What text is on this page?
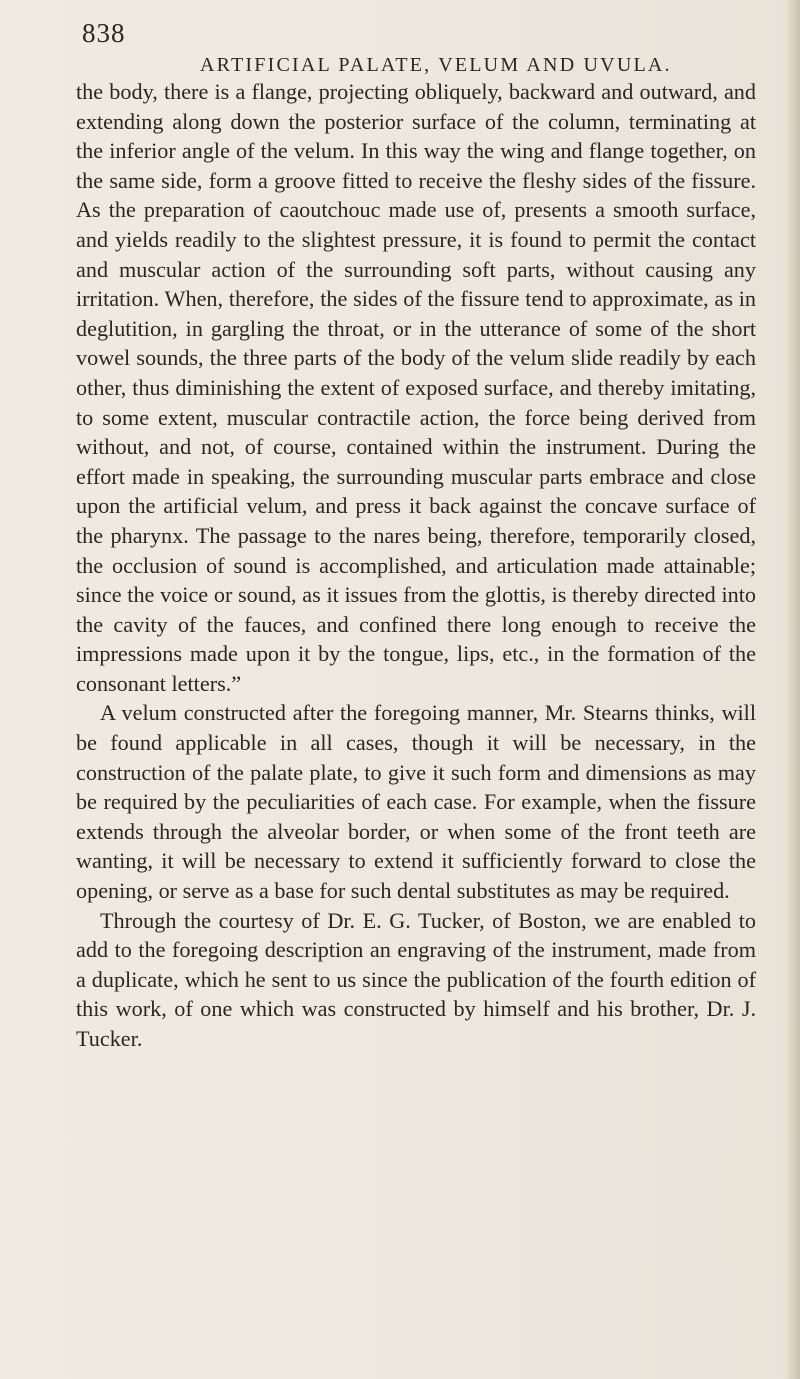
838
ARTIFICIAL PALATE, VELUM AND UVULA.

the body, there is a flange, projecting obliquely, backward and outward, and extending along down the posterior surface of the column, terminating at the inferior angle of the velum. In this way the wing and flange together, on the same side, form a groove fitted to receive the fleshy sides of the fissure. As the preparation of caoutchouc made use of, presents a smooth surface, and yields readily to the slightest pressure, it is found to permit the contact and muscular action of the surrounding soft parts, without causing any irritation. When, therefore, the sides of the fissure tend to approximate, as in deglutition, in gargling the throat, or in the utterance of some of the short vowel sounds, the three parts of the body of the velum slide readily by each other, thus diminishing the extent of exposed surface, and thereby imitating, to some extent, muscular contractile action, the force being derived from without, and not, of course, contained within the instrument. During the effort made in speaking, the surrounding muscular parts embrace and close upon the artificial velum, and press it back against the concave surface of the pharynx. The passage to the nares being, therefore, temporarily closed, the occlusion of sound is accomplished, and articulation made attainable; since the voice or sound, as it issues from the glottis, is thereby directed into the cavity of the fauces, and confined there long enough to receive the impressions made upon it by the tongue, lips, etc., in the formation of the consonant letters.”

A velum constructed after the foregoing manner, Mr. Stearns thinks, will be found applicable in all cases, though it will be necessary, in the construction of the palate plate, to give it such form and dimensions as may be required by the peculiarities of each case. For example, when the fissure extends through the alveolar border, or when some of the front teeth are wanting, it will be necessary to extend it sufficiently forward to close the opening, or serve as a base for such dental substitutes as may be required.

Through the courtesy of Dr. E. G. Tucker, of Boston, we are enabled to add to the foregoing description an engraving of the instrument, made from a duplicate, which he sent to us since the publication of the fourth edition of this work, of one which was constructed by himself and his brother, Dr. J. Tucker.
